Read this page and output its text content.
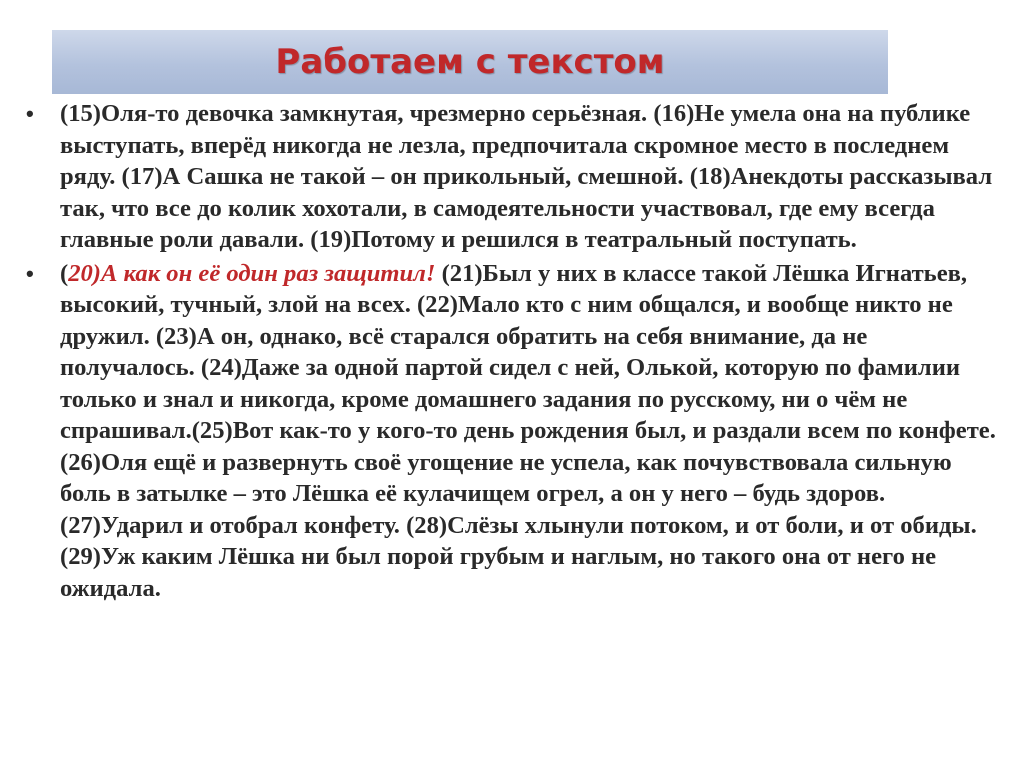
Работаем с текстом
• (15)Оля-то девочка замкнутая, чрезмерно серьёзная. (16)Не умела она на публике выступать, вперёд никогда не лезла, предпочитала скромное место в последнем ряду. (17)А Сашка не такой – он прикольный, смешной. (18)Анекдоты рассказывал так, что все до колик хохотали, в самодеятельности участвовал, где ему всегда главные роли давали. (19)Потому и решился в театральный поступать.
• (20)А как он её один раз защитил! (21)Был у них в классе такой Лёшка Игнатьев, высокий, тучный, злой на всех. (22)Мало кто с ним общался, и вообще никто не дружил. (23)А он, однако, всё старался обратить на себя внимание, да не получалось. (24)Даже за одной партой сидел с ней, Олькой, которую по фамилии только и знал и никогда, кроме домашнего задания по русскому, ни о чём не спрашивал.(25)Вот как-то у кого-то день рождения был, и раздали всем по конфете. (26)Оля ещё и развернуть своё угощение не успела, как почувствовала сильную боль в затылке – это Лёшка её кулачищем огрел, а он у него – будь здоров. (27)Ударил и отобрал конфету. (28)Слёзы хлынули потоком, и от боли, и от обиды. (29)Уж каким Лёшка ни был порой грубым и наглым, но такого она от него не ожидала.
